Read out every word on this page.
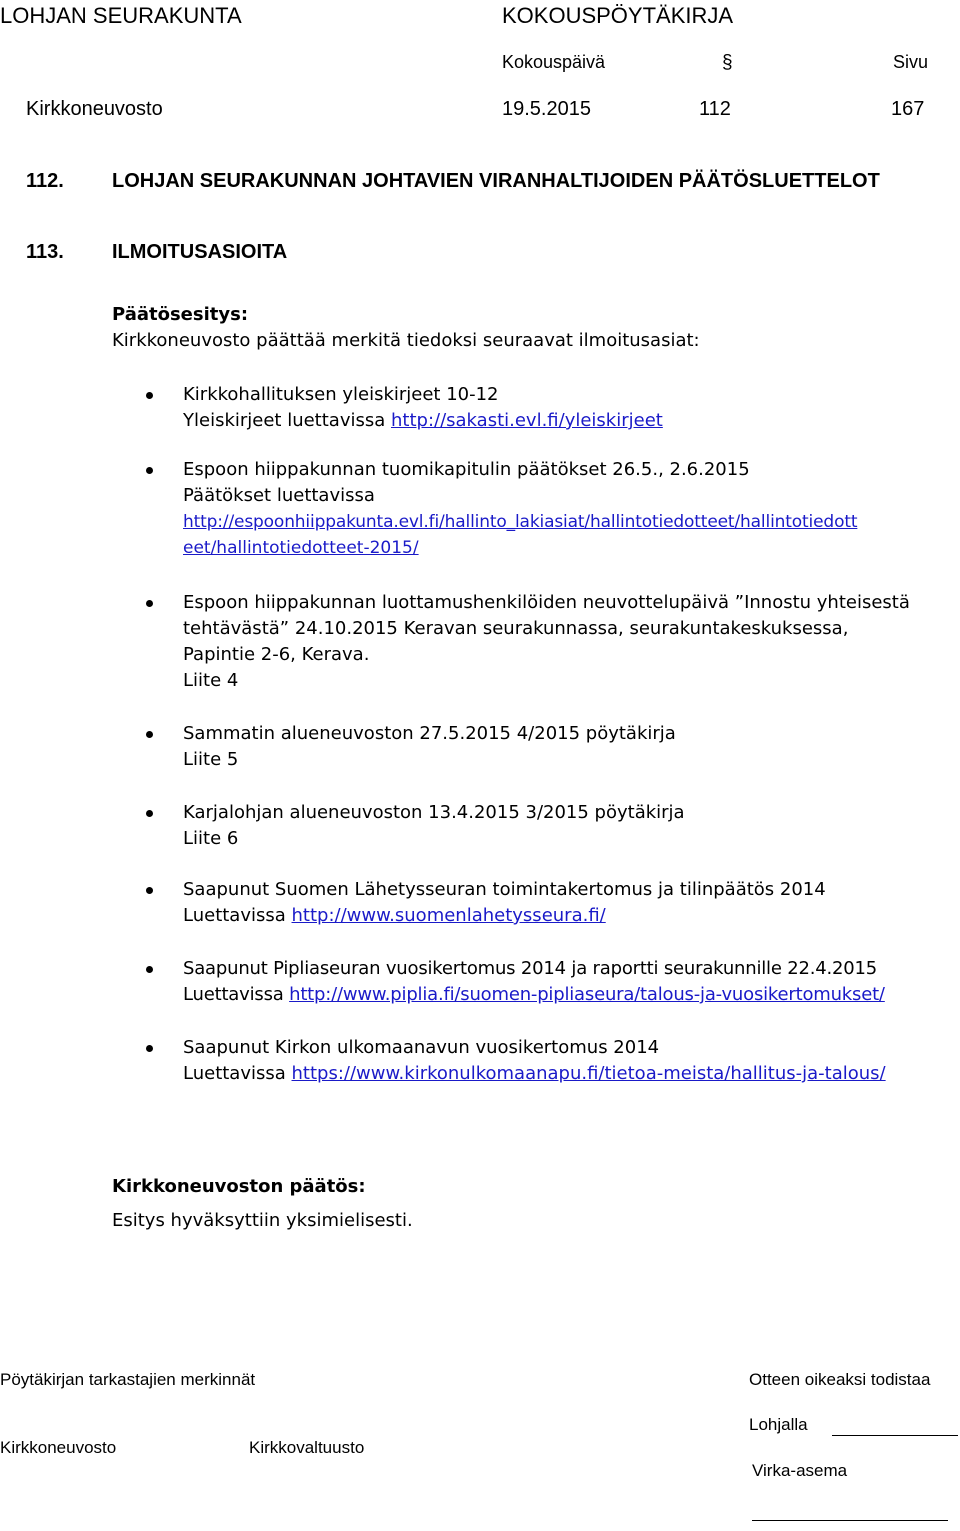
LOHJAN SEURAKUNTA	KOKOUSPÖYTÄKIRJA
Kokouspäivä	§	Sivu
Kirkkoneuvosto	19.5.2015	112	167
112. LOHJAN SEURAKUNNAN JOHTAVIEN VIRANHALTIJOIDEN PÄÄTÖSLUETTELOT
113. ILMOITUSASIOITA
Päätösesitys:
Kirkkoneuvosto päättää merkitä tiedoksi seuraavat ilmoitusasiat:
Kirkkohallituksen yleiskirjeet 10-12
Yleiskirjeet luettavissa http://sakasti.evl.fi/yleiskirjeet
Espoon hiippakunnan tuomikapitulin päätökset 26.5., 2.6.2015
Päätökset luettavissa
http://espoonhiippakunta.evl.fi/hallinto_lakiasiat/hallintotiedotteet/hallintotiedott
eet/hallintotiedotteet-2015/
Espoon hiippakunnan luottamushenkilöiden neuvottelupäivä ”Innostu yhteisestä
tehtävästä” 24.10.2015 Keravan seurakunnassa, seurakuntakeskuksessa,
Papintie 2-6, Kerava.
Liite 4
Sammatin alueneuvoston 27.5.2015 4/2015 pöytäkirja
Liite 5
Karjalohjan alueneuvoston 13.4.2015 3/2015 pöytäkirja
Liite 6
Saapunut Suomen Lähetysseuran toimintakertomus ja tilinpäätös 2014
Luettavissa http://www.suomenlahetysseura.fi/
Saapunut Pipliaseuran vuosikertomus 2014 ja raportti seurakunnille 22.4.2015
Luettavissa http://www.piplia.fi/suomen-pipliaseura/talous-ja-vuosikertomukset/
Saapunut Kirkon ulkomaanavun vuosikertomus 2014
Luettavissa https://www.kirkonulkomaanapu.fi/tietoa-meista/hallitus-ja-talous/
Kirkkoneuvoston päätös:
Esitys hyväksyttiin yksimielisesti.
Pöytäkirjan tarkastajien merkinnät	Otteen oikeaksi todistaa
Lohjalla
Kirkkoneuvosto	Kirkkovaltuusto
Virka-asema
